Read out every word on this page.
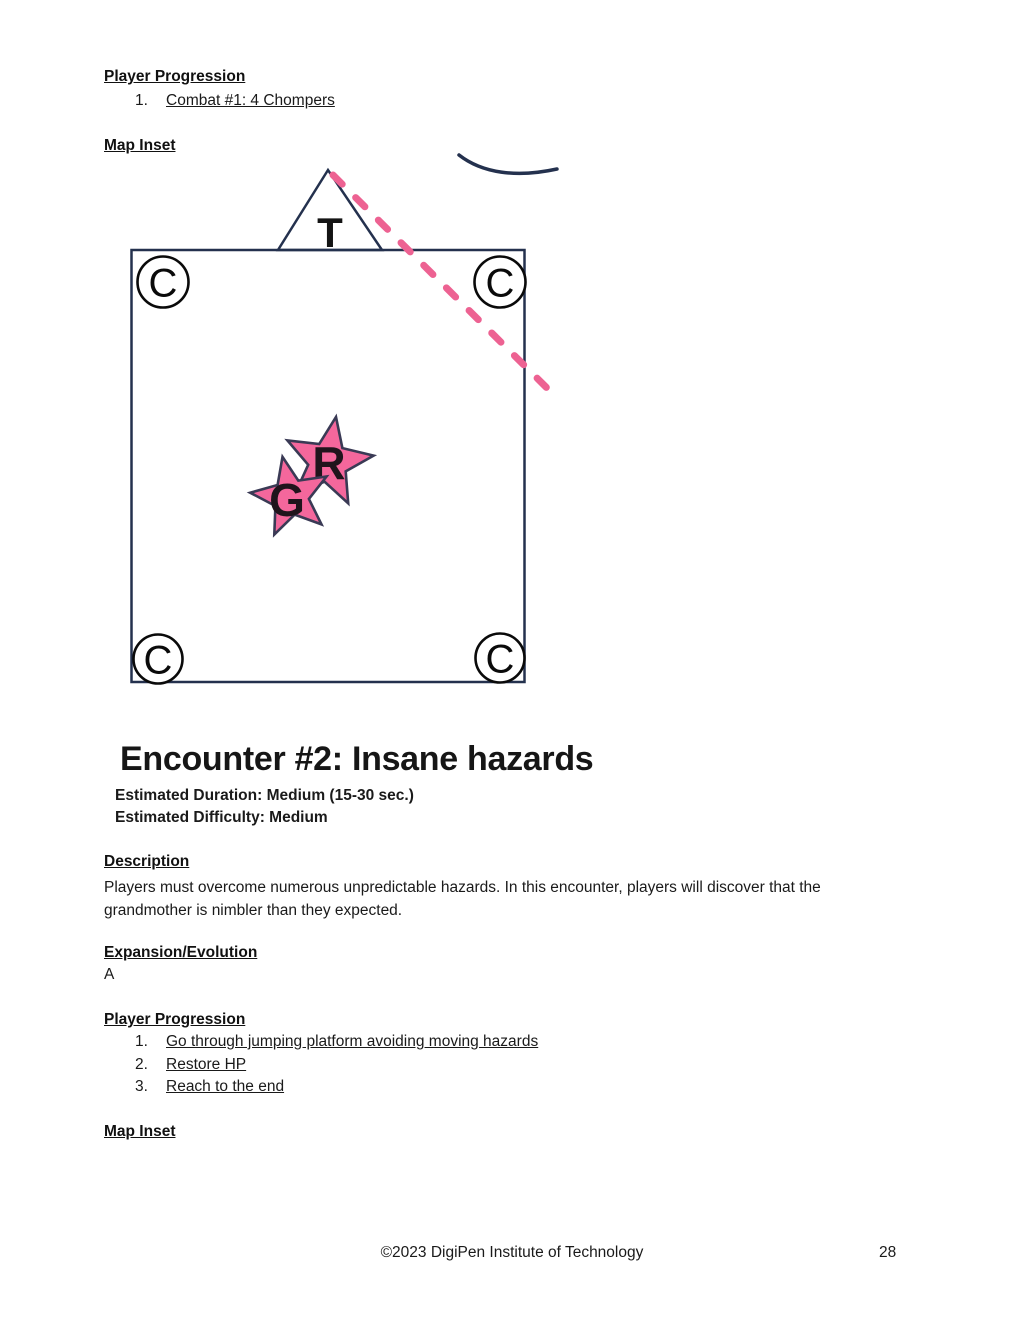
Player Progression
1. Combat #1: 4 Chompers
Map Inset
T
C	C
C	C
R
G
Encounter #2: Insane hazards
Estimated Duration: Medium (15-30 sec.)
Estimated Difficulty: Medium
Description
Players must overcome numerous unpredictable hazards. In this encounter, players will discover that the grandmother is nimbler than they expected.
Expansion/Evolution
A
Player Progression
1. Go through jumping platform avoiding moving hazards
2. Restore HP
3. Reach to the end
Map Inset
©2023 DigiPen Institute of Technology	28
